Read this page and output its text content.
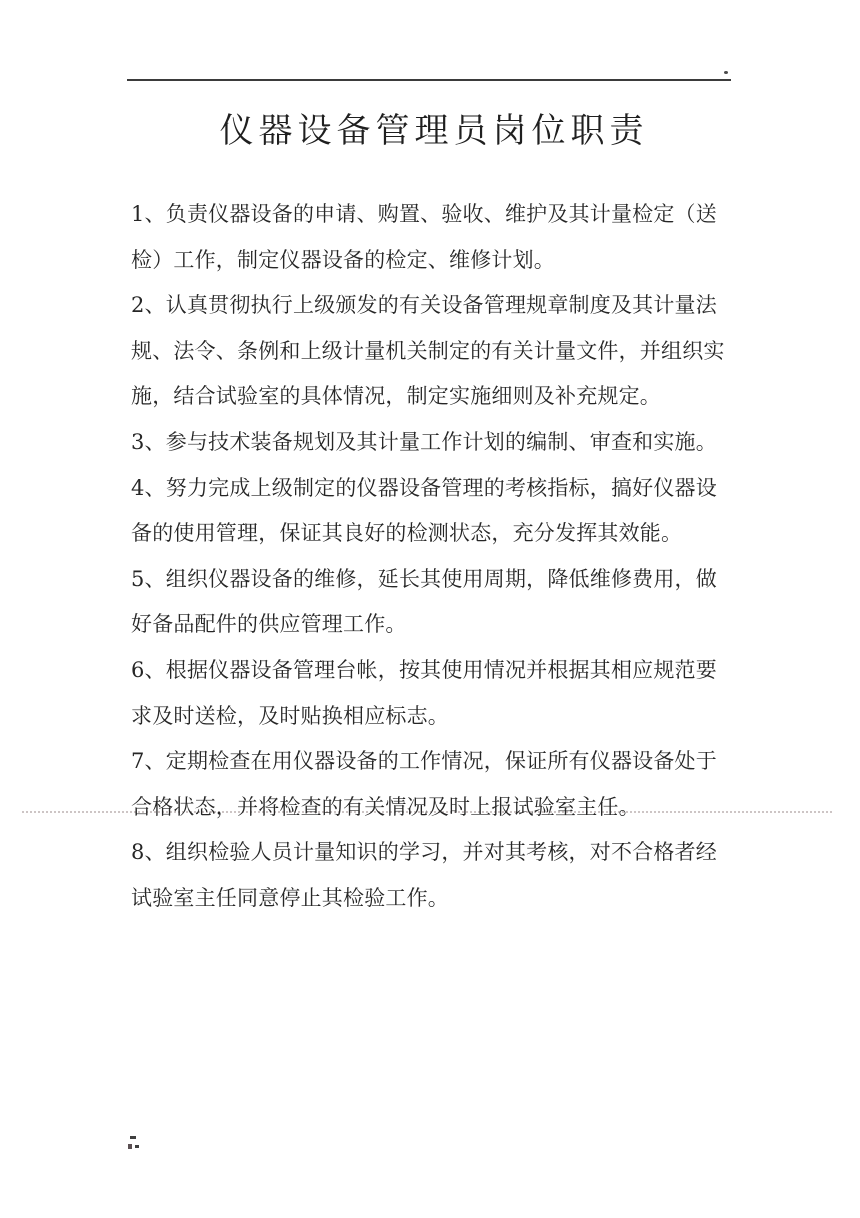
仪器设备管理员岗位职责
1、负责仪器设备的申请、购置、验收、维护及其计量检定（送
检）工作，制定仪器设备的检定、维修计划。
2、认真贯彻执行上级颁发的有关设备管理规章制度及其计量法
规、法令、条例和上级计量机关制定的有关计量文件，并组织实
施，结合试验室的具体情况，制定实施细则及补充规定。
3、参与技术装备规划及其计量工作计划的编制、审查和实施。
4、努力完成上级制定的仪器设备管理的考核指标，搞好仪器设
备的使用管理，保证其良好的检测状态，充分发挥其效能。
5、组织仪器设备的维修，延长其使用周期，降低维修费用，做
好备品配件的供应管理工作。
6、根据仪器设备管理台帐，按其使用情况并根据其相应规范要
求及时送检，及时贴换相应标志。
7、定期检查在用仪器设备的工作情况，保证所有仪器设备处于
合格状态，并将检查的有关情况及时上报试验室主任。
8、组织检验人员计量知识的学习，并对其考核，对不合格者经
试验室主任同意停止其检验工作。
